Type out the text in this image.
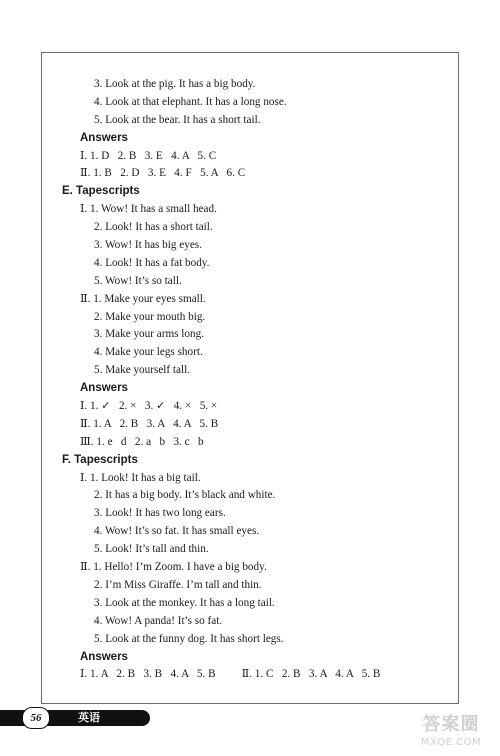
3. Look at the pig. It has a big body.
4. Look at that elephant. It has a long nose.
5. Look at the bear. It has a short tail.
Answers
Ⅰ. 1. D   2. B   3. E   4. A   5. C
Ⅱ. 1. B   2. D   3. E   4. F   5. A   6. C
E. Tapescripts
Ⅰ. 1. Wow! It has a small head.
2. Look! It has a short tail.
3. Wow! It has big eyes.
4. Look! It has a fat body.
5. Wow! It’s so tall.
Ⅱ. 1. Make your eyes small.
2. Make your mouth big.
3. Make your arms long.
4. Make your legs short.
5. Make yourself tall.
Answers
Ⅰ. 1. ✓   2. ×   3. ✓   4. ×   5. ×
Ⅱ. 1. A   2. B   3. A   4. A   5. B
Ⅲ. 1. e   d   2. a   b   3. c   b
F. Tapescripts
Ⅰ. 1. Look! It has a big tail.
2. It has a big body. It’s black and white.
3. Look! It has two long ears.
4. Wow! It’s so fat. It has small eyes.
5. Look! It’s tall and thin.
Ⅱ. 1. Hello! I’m Zoom. I have a big body.
2. I’m Miss Giraffe. I’m tall and thin.
3. Look at the monkey. It has a long tail.
4. Wow! A panda! It’s so fat.
5. Look at the funny dog. It has short legs.
Answers
Ⅰ. 1. A   2. B   3. B   4. A   5. B Ⅱ. 1. C   2. B   3. A   4. A   5. B
56	英语	答案圈
MXQE.COM
